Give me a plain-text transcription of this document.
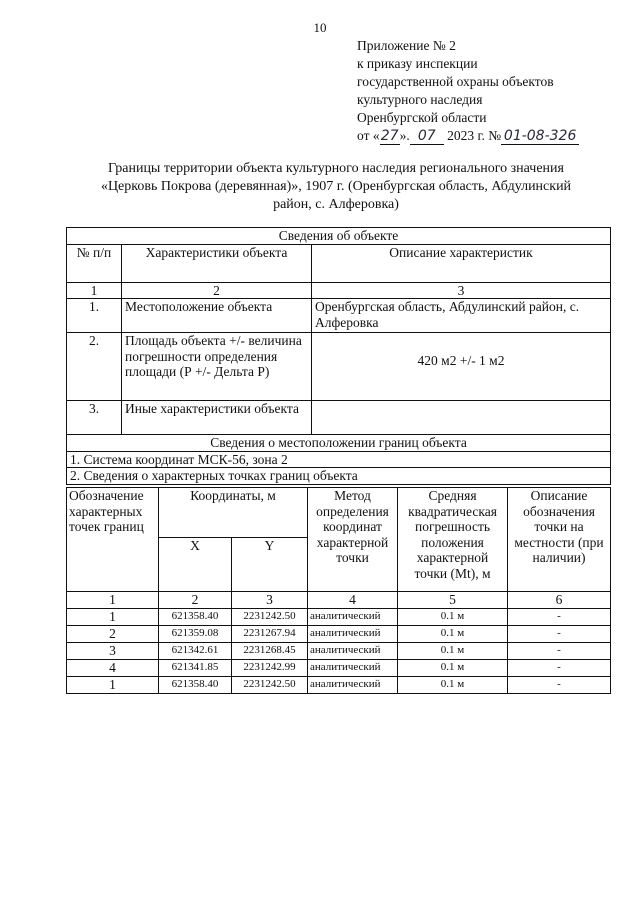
10
Приложение № 2
к приказу инспекции
государственной охраны объектов
культурного наследия
Оренбургской области
от «27». 07 2023 г. № 01-08-326
Границы территории объекта культурного наследия регионального значения
«Церковь Покрова (деревянная)», 1907 г. (Оренбургская область, Абдулинский
район, с. Алферовка)
Сведения об объекте		
№ п/п	Характеристики объекта	Описание характеристик
1	2	3
1.	Местоположение объекта	Оренбургская область, Абдулинский район, с. Алферовка
2.	Площадь объекта +/- величина погрешности определения площади (Р +/- Дельта Р)	420 м2 +/- 1 м2
3.	Иные характеристики объекта	
Сведения о местоположении границ объекта		
1. Система координат МСК-56, зона 2		
2. Сведения о характерных точках границ объекта		
Обозначение характерных точек границ	Координаты, м		Метод определения координат характерной точки	Средняя квадратическая погрешность положения характерной точки (Mt), м	Описание обозначения точки на местности (при наличии)
	X	Y			
1	2	3	4	5	6
1	621358.40	2231242.50	аналитический	0.1 м	-
2	621359.08	2231267.94	аналитический	0.1 м	-
3	621342.61	2231268.45	аналитический	0.1 м	-
4	621341.85	2231242.99	аналитический	0.1 м	-
1	621358.40	2231242.50	аналитический	0.1 м	-
